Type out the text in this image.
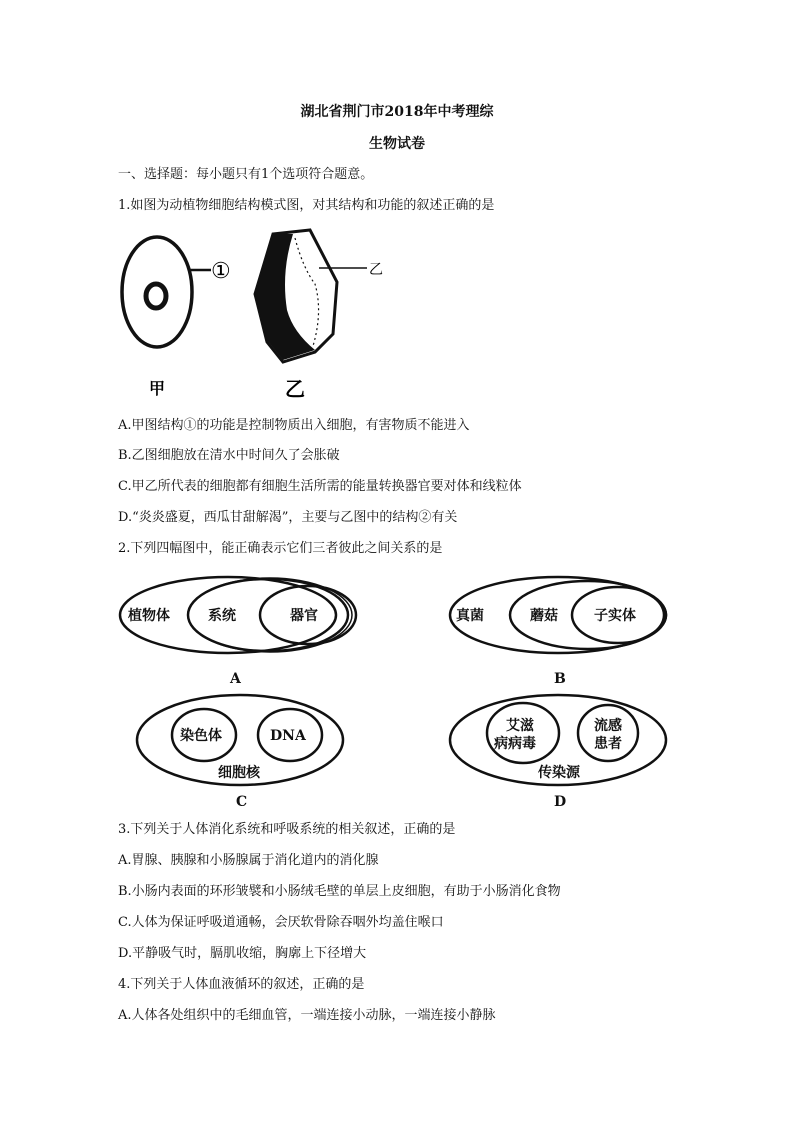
湖北省荆门市2018年中考理综
生物试卷
一、选择题：每小题只有1个选项符合题意。
1.如图为动植物细胞结构模式图，对其结构和功能的叙述正确的是
①	乙
甲	乙
A.甲图结构①的功能是控制物质出入细胞，有害物质不能进入
B.乙图细胞放在清水中时间久了会胀破
C.甲乙所代表的细胞都有细胞生活所需的能量转换器官要对体和线粒体
D.“炎炎盛夏，西瓜甘甜解渴”，主要与乙图中的结构②有关
2.下列四幅图中，能正确表示它们三者彼此之间关系的是
植物体	系统	器官
A
真菌	蘑菇	子实体
B
染色体	DNA
细胞核
C
艾滋
病病毒
流感
患者
传染源
D
3.下列关于人体消化系统和呼吸系统的相关叙述，正确的是
A.胃腺、胰腺和小肠腺属于消化道内的消化腺
B.小肠内表面的环形皱襞和小肠绒毛壁的单层上皮细胞，有助于小肠消化食物
C.人体为保证呼吸道通畅，会厌软骨除吞咽外均盖住喉口
D.平静吸气时，膈肌收缩，胸廓上下径增大
4.下列关于人体血液循环的叙述，正确的是
A.人体各处组织中的毛细血管，一端连接小动脉，一端连接小静脉
